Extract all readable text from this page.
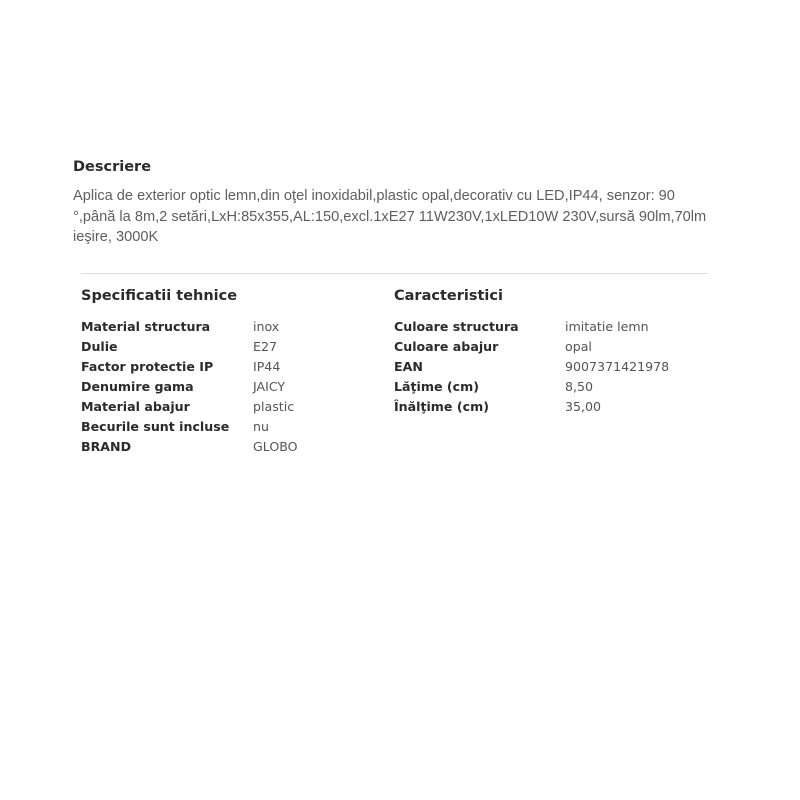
Descriere

Aplica de exterior optic lemn,din oţel inoxidabil,plastic opal,decorativ cu LED,IP44, senzor: 90 °,până la 8m,2 setări,LxH:85x355,AL:150,excl.1xE27 11W230V,1xLED10W 230V,sursă 90lm,70lm ieşire, 3000K

Specificatii tehnice
Material structura	inox
Dulie	E27
Factor protectie IP	IP44
Denumire gama	JAICY
Material abajur	plastic
Becurile sunt incluse	nu
BRAND	GLOBO
Caracteristici
Culoare structura	imitatie lemn
Culoare abajur	opal
EAN	9007371421978
Lăţime (cm)	8,50
Înălţime (cm)	35,00
